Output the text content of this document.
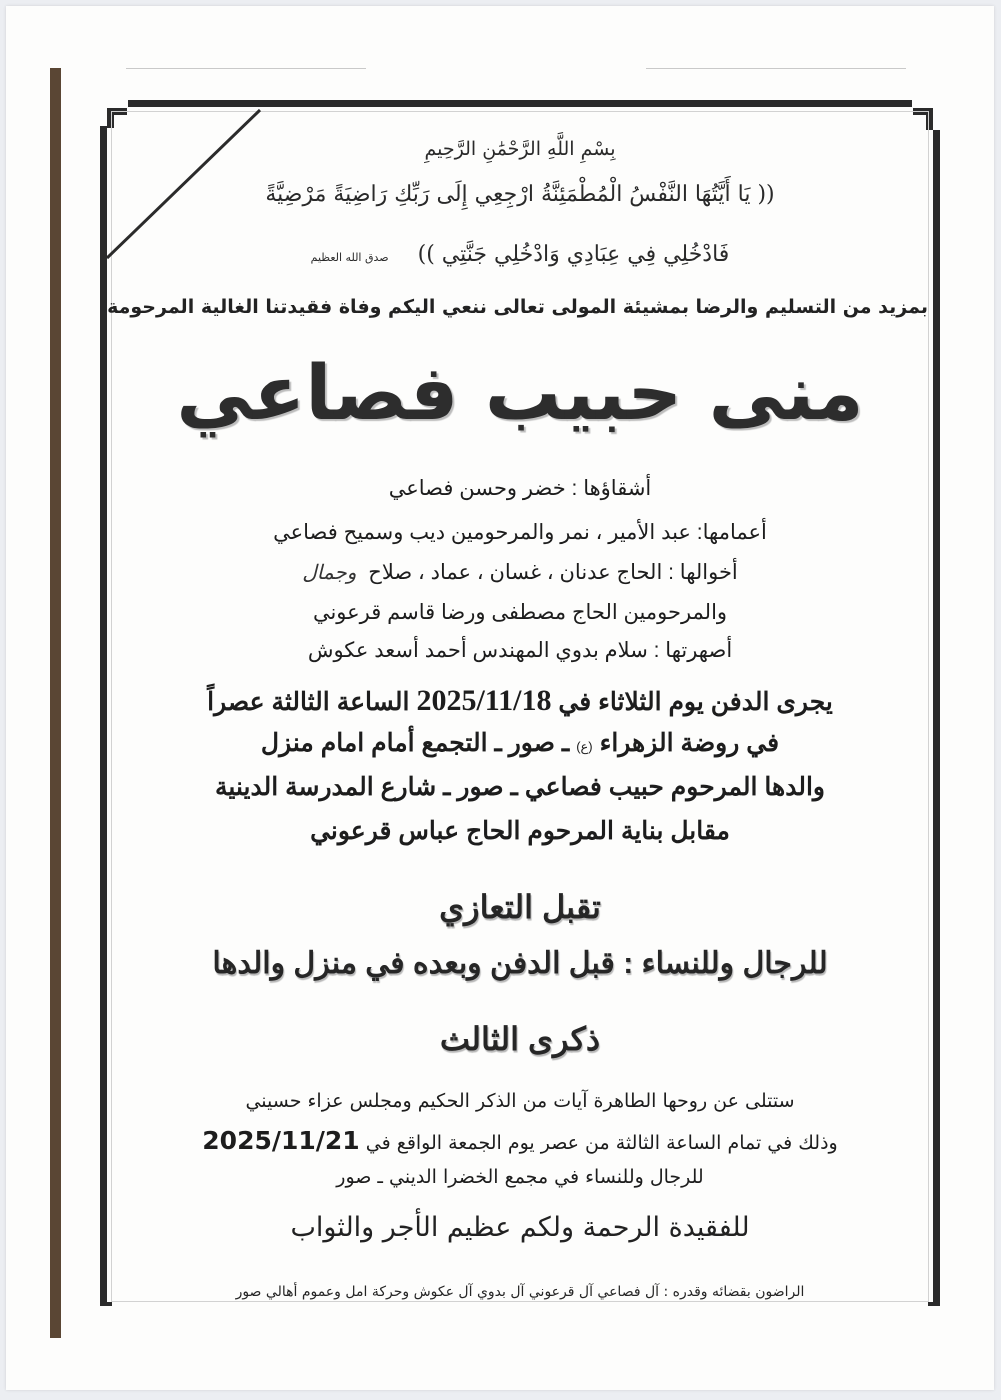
بِسْمِ اللَّهِ الرَّحْمَٰنِ الرَّحِيمِ
(( يَا أَيَّتُهَا النَّفْسُ الْمُطْمَئِنَّةُ ارْجِعِي إِلَى رَبِّكِ رَاضِيَةً مَرْضِيَّةً
فَادْخُلِي فِي عِبَادِي وَادْخُلِي جَنَّتِي )) صدق الله العظيم
بمزيد من التسليم والرضا بمشيئة المولى تعالى ننعي اليكم وفاة فقيدتنا الغالية المرحومة
منى حبيب فصاعي
أشقاؤها : خضر وحسن فصاعي
أعمامها: عبد الأمير ، نمر والمرحومين ديب وسميح فصاعي
أخوالها : الحاج عدنان ، غسان ، عماد ، صلاح وجمال
والمرحومين الحاج مصطفى ورضا قاسم قرعوني
أصهرتها : سلام بدوي المهندس أحمد أسعد عكوش
يجرى الدفن يوم الثلاثاء في 2025/11/18 الساعة الثالثة عصراً
في روضة الزهراء (ع) ـ صور ـ التجمع أمام امام منزل
والدها المرحوم حبيب فصاعي ـ صور ـ شارع المدرسة الدينية
مقابل بناية المرحوم الحاج عباس قرعوني
تقبل التعازي
للرجال وللنساء : قبل الدفن وبعده في منزل والدها
ذكرى الثالث
ستتلى عن روحها الطاهرة آيات من الذكر الحكيم ومجلس عزاء حسيني
وذلك في تمام الساعة الثالثة من عصر يوم الجمعة الواقع في 2025/11/21
للرجال وللنساء في مجمع الخضرا الديني ـ صور
للفقيدة الرحمة ولكم عظيم الأجر والثواب
الراضون بقضائه وقدره : آل فصاعي آل قرعوني آل بدوي آل عكوش وحركة امل وعموم أهالي صور
